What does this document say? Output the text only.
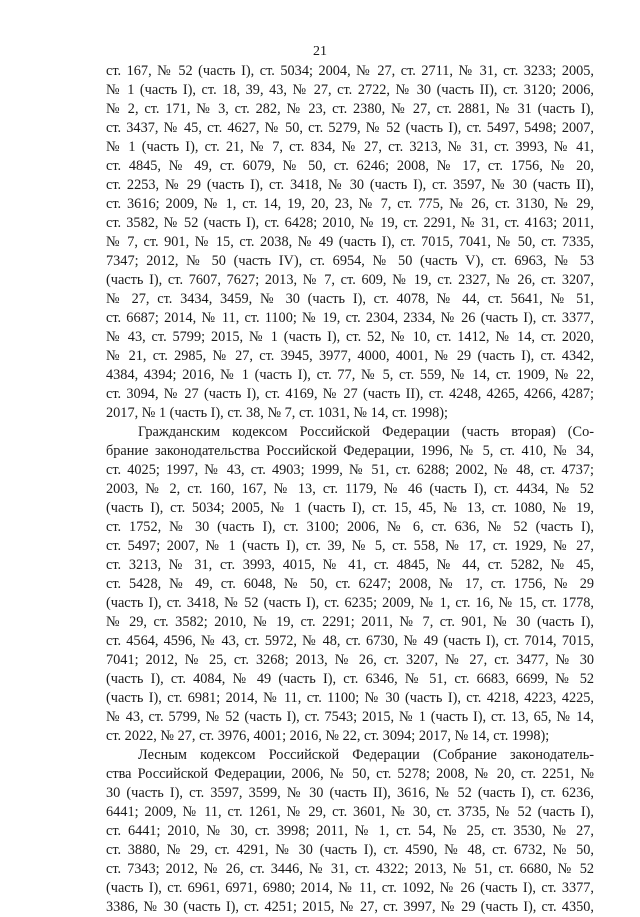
21
ст. 167, № 52 (часть I), ст. 5034; 2004, № 27, ст. 2711, № 31, ст. 3233; 2005,
№ 1 (часть I), ст. 18, 39, 43, № 27, ст. 2722, № 30 (часть II), ст. 3120; 2006,
№ 2, ст. 171, № 3, ст. 282, № 23, ст. 2380, № 27, ст. 2881, № 31 (часть I),
ст. 3437, № 45, ст. 4627, № 50, ст. 5279, № 52 (часть I), ст. 5497, 5498; 2007,
№ 1 (часть I), ст. 21, № 7, ст. 834, № 27, ст. 3213, № 31, ст. 3993, № 41,
ст. 4845, № 49, ст. 6079, № 50, ст. 6246; 2008, № 17, ст. 1756, № 20,
ст. 2253, № 29 (часть I), ст. 3418, № 30 (часть I), ст. 3597, № 30 (часть II),
ст. 3616; 2009, № 1, ст. 14, 19, 20, 23, № 7, ст. 775, № 26, ст. 3130, № 29,
ст. 3582, № 52 (часть I), ст. 6428; 2010, № 19, ст. 2291, № 31, ст. 4163; 2011,
№ 7, ст. 901, № 15, ст. 2038, № 49 (часть I), ст. 7015, 7041, № 50, ст. 7335,
7347; 2012, № 50 (часть IV), ст. 6954, № 50 (часть V), ст. 6963, № 53
(часть I), ст. 7607, 7627; 2013, № 7, ст. 609, № 19, ст. 2327, № 26, ст. 3207,
№ 27, ст. 3434, 3459, № 30 (часть I), ст. 4078, № 44, ст. 5641, № 51,
ст. 6687; 2014, № 11, ст. 1100; № 19, ст. 2304, 2334, № 26 (часть I), ст. 3377,
№ 43, ст. 5799; 2015, № 1 (часть I), ст. 52, № 10, ст. 1412, № 14, ст. 2020,
№ 21, ст. 2985, № 27, ст. 3945, 3977, 4000, 4001, № 29 (часть I), ст. 4342,
4384, 4394; 2016, № 1 (часть I), ст. 77, № 5, ст. 559, № 14, ст. 1909, № 22,
ст. 3094, № 27 (часть I), ст. 4169, № 27 (часть II), ст. 4248, 4265, 4266, 4287;
2017, № 1 (часть I), ст. 38, № 7, ст. 1031, № 14, ст. 1998);
Гражданским кодексом Российской Федерации (часть вторая) (Со-
брание законодательства Российской Федерации, 1996, № 5, ст. 410, № 34,
ст. 4025; 1997, № 43, ст. 4903; 1999, № 51, ст. 6288; 2002, № 48, ст. 4737;
2003, № 2, ст. 160, 167, № 13, ст. 1179, № 46 (часть I), ст. 4434, № 52
(часть I), ст. 5034; 2005, № 1 (часть I), ст. 15, 45, № 13, ст. 1080, № 19,
ст. 1752, № 30 (часть I), ст. 3100; 2006, № 6, ст. 636, № 52 (часть I),
ст. 5497; 2007, № 1 (часть I), ст. 39, № 5, ст. 558, № 17, ст. 1929, № 27,
ст. 3213, № 31, ст. 3993, 4015, № 41, ст. 4845, № 44, ст. 5282, № 45,
ст. 5428, № 49, ст. 6048, № 50, ст. 6247; 2008, № 17, ст. 1756, № 29
(часть I), ст. 3418, № 52 (часть I), ст. 6235; 2009, № 1, ст. 16, № 15, ст. 1778,
№ 29, ст. 3582; 2010, № 19, ст. 2291; 2011, № 7, ст. 901, № 30 (часть I),
ст. 4564, 4596, № 43, ст. 5972, № 48, ст. 6730, № 49 (часть I), ст. 7014, 7015,
7041; 2012, № 25, ст. 3268; 2013, № 26, ст. 3207, № 27, ст. 3477, № 30
(часть I), ст. 4084, № 49 (часть I), ст. 6346, № 51, ст. 6683, 6699, № 52
(часть I), ст. 6981; 2014, № 11, ст. 1100; № 30 (часть I), ст. 4218, 4223, 4225,
№ 43, ст. 5799, № 52 (часть I), ст. 7543; 2015, № 1 (часть I), ст. 13, 65, № 14,
ст. 2022, № 27, ст. 3976, 4001; 2016, № 22, ст. 3094; 2017, № 14, ст. 1998);
Лесным кодексом Российской Федерации (Собрание законодатель-
ства Российской Федерации, 2006, № 50, ст. 5278; 2008, № 20, ст. 2251, №
30 (часть I), ст. 3597, 3599, № 30 (часть II), 3616, № 52 (часть I), ст. 6236,
6441; 2009, № 11, ст. 1261, № 29, ст. 3601, № 30, ст. 3735, № 52 (часть I),
ст. 6441; 2010, № 30, ст. 3998; 2011, № 1, ст. 54, № 25, ст. 3530, № 27,
ст. 3880, № 29, ст. 4291, № 30 (часть I), ст. 4590, № 48, ст. 6732, № 50,
ст. 7343; 2012, № 26, ст. 3446, № 31, ст. 4322; 2013, № 51, ст. 6680, № 52
(часть I), ст. 6961, 6971, 6980; 2014, № 11, ст. 1092, № 26 (часть I), ст. 3377,
3386, № 30 (часть I), ст. 4251; 2015, № 27, ст. 3997, № 29 (часть I), ст. 4350,
